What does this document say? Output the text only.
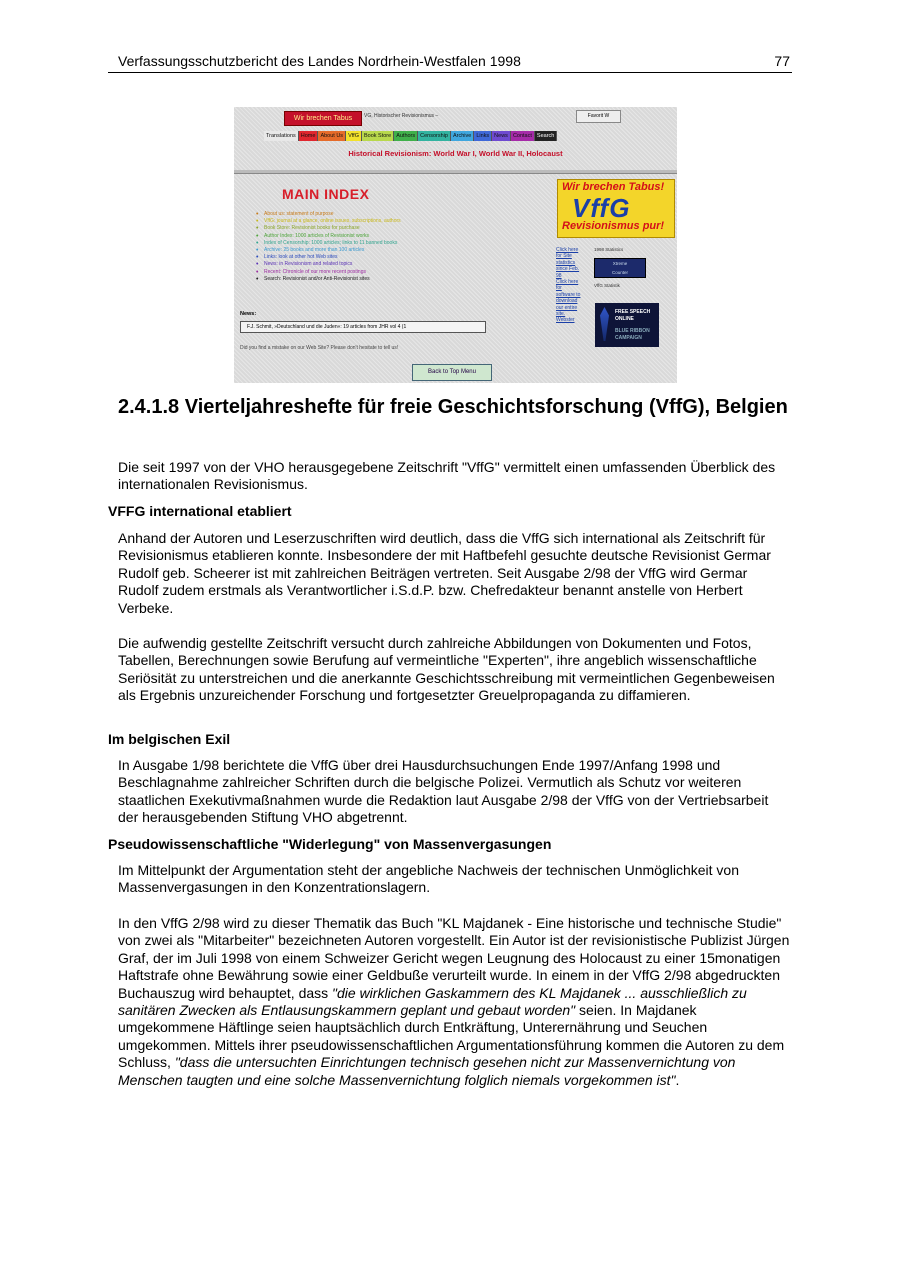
Verfassungsschutzbericht des Landes Nordrhein-Westfalen 1998	77
Wir brechen Tabus	VG, Historischer Revisionismus –	Favorit W
Translations Home About Us VffG Book Store Authors Censorship Archive Links News Contact Search
Historical Revisionism: World War I, World War II, Holocaust
MAIN INDEX
• About us: statement of purpose
• VffG: journal at a glance, online issues, subscriptions, authors
• Book Store: Revisionist books for purchase
• Author Index: 1000 articles of Revisionist works
• Index of Censorship: 1000 articles; links to 11 banned books
• Archive: 25 books and more than 100 articles
• Links: look at other hot Web sites
• News: in Revisionism and related topics
• Recent: Chronicle of our more recent postings
• Search: Revisionist and/or Anti-Revisionist sites
News:
F.J. Schmit, »Deutschland und die Juden«: 19 articles from JHR vol 4 (1
Did you find a mistake on our Web Site? Please don't hesitate to tell us!
Back to Top Menu
Wir brechen Tabus!
VffG
Revisionismus pur!
Click here
for Site
statistics
since Feb.
98
Click here
for
software to
download
our entire
site.
Webster
1998 Statistics
Xtreme
Counter
VffG Statistik
FREE SPEECH
ONLINE
BLUE RIBBON
CAMPAIGN
2.4.1.8 Vierteljahreshefte für freie Geschichtsforschung (VffG), Belgien

Die seit 1997 von der VHO herausgegebene Zeitschrift "VffG" vermittelt einen umfassenden Überblick des internationalen Revisionismus.

VFFG international etabliert

Anhand der Autoren und Leserzuschriften wird deutlich, dass die VffG sich international als Zeitschrift für Revisionismus etablieren konnte. Insbesondere der mit Haftbefehl gesuchte deutsche Revisionist Germar Rudolf geb. Scheerer ist mit zahlreichen Beiträgen vertreten. Seit Ausgabe 2/98 der VffG wird Germar Rudolf zudem erstmals als Verantwortlicher i.S.d.P. bzw. Chefredakteur benannt anstelle von Herbert Verbeke.

Die aufwendig gestellte Zeitschrift versucht durch zahlreiche Abbildungen von Dokumenten und Fotos, Tabellen, Berechnungen sowie Berufung auf vermeintliche "Experten", ihre angeblich wissenschaftliche Seriösität zu unterstreichen und die anerkannte Geschichtsschreibung mit vermeintlichen Gegenbeweisen als Ergebnis unzureichender Forschung und fortgesetzter Greuelpropaganda zu diffamieren.

Im belgischen Exil

In Ausgabe 1/98 berichtete die VffG über drei Hausdurchsuchungen Ende 1997/Anfang 1998 und Beschlagnahme zahlreicher Schriften durch die belgische Polizei. Vermutlich als Schutz vor weiteren staatlichen Exekutivmaßnahmen wurde die Redaktion laut Ausgabe 2/98 der VffG von der Vertriebsarbeit der herausgebenden Stiftung VHO abgetrennt.

Pseudowissenschaftliche "Widerlegung" von Massenvergasungen

Im Mittelpunkt der Argumentation steht der angebliche Nachweis der technischen Unmöglichkeit von Massenvergasungen in den Konzentrationslagern.

In den VffG 2/98 wird zu dieser Thematik das Buch "KL Majdanek - Eine historische und technische Studie" von zwei als "Mitarbeiter" bezeichneten Autoren vorgestellt. Ein Autor ist der revisionistische Publizist Jürgen Graf, der im Juli 1998 von einem Schweizer Gericht wegen Leugnung des Holocaust zu einer 15monatigen Haftstrafe ohne Bewährung sowie einer Geldbuße verurteilt wurde. In einem in der VffG 2/98 abgedruckten Buchauszug wird behauptet, dass "die wirklichen Gaskammern des KL Majdanek ... ausschließlich zu sanitären Zwecken als Entlausungskammern geplant und gebaut worden" seien. In Majdanek umgekommene Häftlinge seien hauptsächlich durch Entkräftung, Unterernährung und Seuchen umgekommen. Mittels ihrer pseudowissenschaftlichen Argumentationsführung kommen die Autoren zu dem Schluss, "dass die untersuchten Einrichtungen technisch gesehen nicht zur Massenvernichtung von Menschen taugten und eine solche Massenvernichtung folglich niemals vorgekommen ist".
